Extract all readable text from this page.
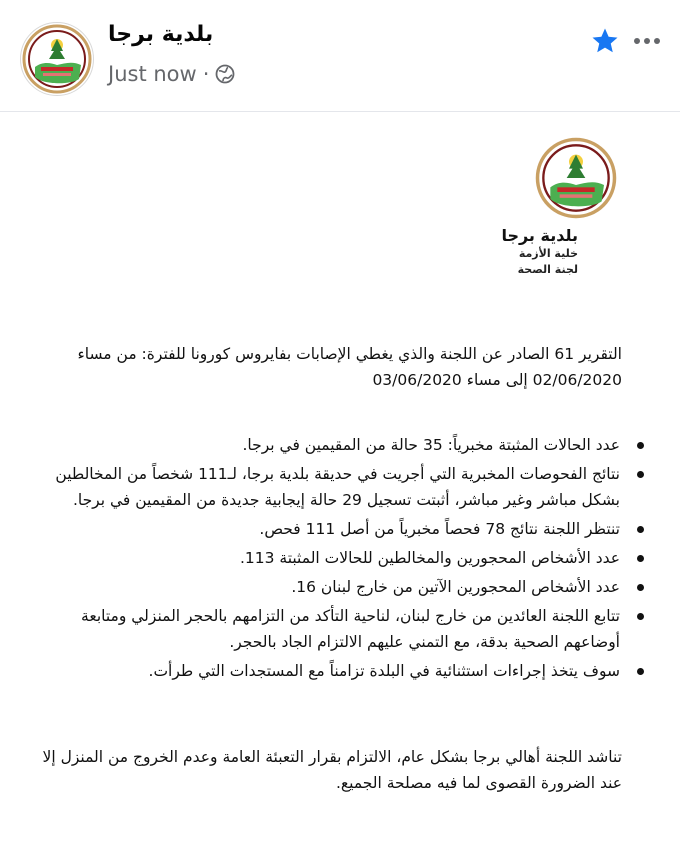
بلدية برجا
Just now ·
بلدية برجا
خلية الأزمة
لجنة الصحة
التقرير 61 الصادر عن اللجنة والذي يغطي الإصابات بفايروس كورونا للفترة: من مساء 02/06/2020 إلى مساء 03/06/2020
عدد الحالات المثبتة مخبرياً: 35 حالة من المقيمين في برجا.
نتائج الفحوصات المخبرية التي أجريت في حديقة بلدية برجا، لـ111 شخصاً من المخالطين بشكل مباشر وغير مباشر، أثبتت تسجيل 29 حالة إيجابية جديدة من المقيمين في برجا.
تنتظر اللجنة نتائج 78 فحصاً مخبرياً من أصل 111 فحص.
عدد الأشخاص المحجورين والمخالطين للحالات المثبتة 113.
عدد الأشخاص المحجورين الآتين من خارج لبنان 16.
تتابع اللجنة العائدين من خارج لبنان، لناحية التأكد من التزامهم بالحجر المنزلي ومتابعة أوضاعهم الصحية بدقة، مع التمني عليهم الالتزام الجاد بالحجر.
سوف يتخذ إجراءات استثنائية في البلدة تزامناً مع المستجدات التي طرأت.
تناشد اللجنة أهالي برجا بشكل عام، الالتزام بقرار التعبئة العامة وعدم الخروج من المنزل إلا عند الضرورة القصوى لما فيه مصلحة الجميع.
